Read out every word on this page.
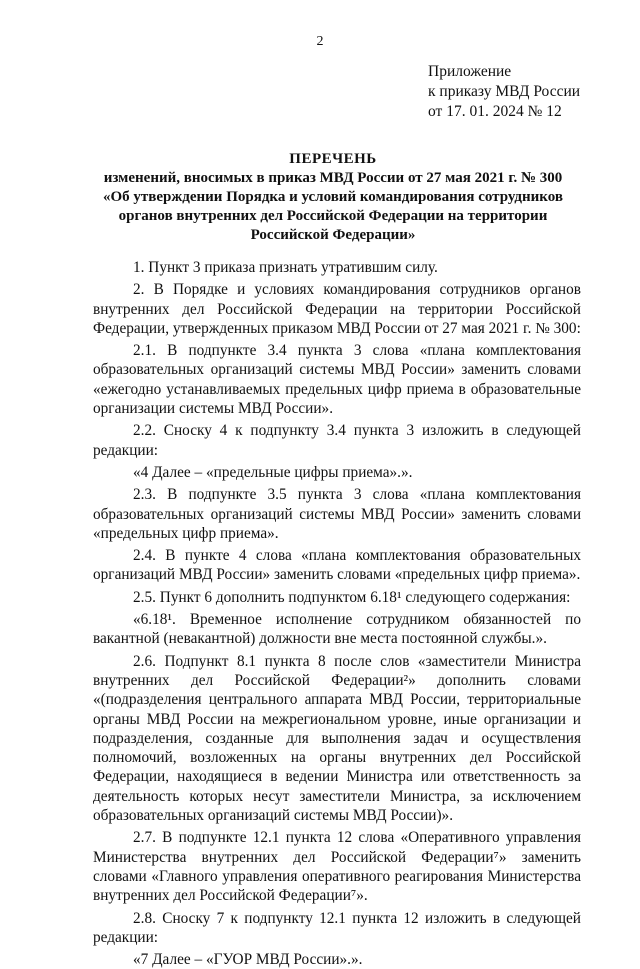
2
Приложение
к приказу МВД России
от 17. 01. 2024 № 12
ПЕРЕЧЕНЬ
изменений, вносимых в приказ МВД России от 27 мая 2021 г. № 300 «Об утверждении Порядка и условий командирования сотрудников органов внутренних дел Российской Федерации на территории Российской Федерации»

1. Пункт 3 приказа признать утратившим силу.

2. В Порядке и условиях командирования сотрудников органов внутренних дел Российской Федерации на территории Российской Федерации, утвержденных приказом МВД России от 27 мая 2021 г. № 300:

2.1. В подпункте 3.4 пункта 3 слова «плана комплектования образовательных организаций системы МВД России» заменить словами «ежегодно устанавливаемых предельных цифр приема в образовательные организации системы МВД России».

2.2. Сноску 4 к подпункту 3.4 пункта 3 изложить в следующей редакции:

«4 Далее – «предельные цифры приема».».

2.3. В подпункте 3.5 пункта 3 слова «плана комплектования образовательных организаций системы МВД России» заменить словами «предельных цифр приема».

2.4. В пункте 4 слова «плана комплектования образовательных организаций МВД России» заменить словами «предельных цифр приема».

2.5. Пункт 6 дополнить подпунктом 6.18¹ следующего содержания:

«6.18¹. Временное исполнение сотрудником обязанностей по вакантной (невакантной) должности вне места постоянной службы.».

2.6. Подпункт 8.1 пункта 8 после слов «заместители Министра внутренних дел Российской Федерации²» дополнить словами «(подразделения центрального аппарата МВД России, территориальные органы МВД России на межрегиональном уровне, иные организации и подразделения, созданные для выполнения задач и осуществления полномочий, возложенных на органы внутренних дел Российской Федерации, находящиеся в ведении Министра или ответственность за деятельность которых несут заместители Министра, за исключением образовательных организаций системы МВД России)».

2.7. В подпункте 12.1 пункта 12 слова «Оперативного управления Министерства внутренних дел Российской Федерации⁷» заменить словами «Главного управления оперативного реагирования Министерства внутренних дел Российской Федерации⁷».

2.8. Сноску 7 к подпункту 12.1 пункта 12 изложить в следующей редакции:

«7 Далее – «ГУОР МВД России».».
